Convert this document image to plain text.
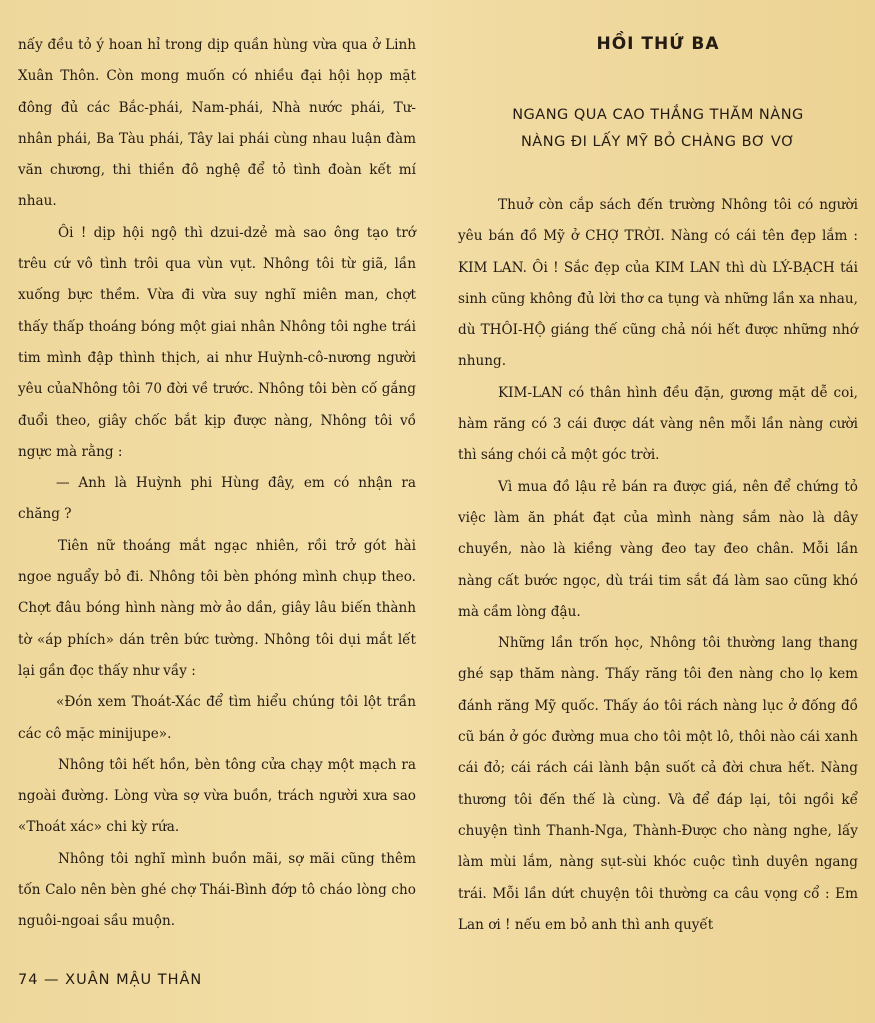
nấy đều tỏ ý hoan hỉ trong dịp quần hùng vừa qua ở Linh Xuân Thôn. Còn mong muốn có nhiều đại hội họp mặt đông đủ các Bắc-phái, Nam-phái, Nhà nước phái, Tư-nhân phái, Ba Tàu phái, Tây lai phái cùng nhau luận đàm văn chương, thi thiền đô nghệ để tỏ tình đoàn kết mí nhau.

Ôi ! dịp hội ngộ thì dzui-dzẻ mà sao ông tạo trớ trêu cứ vô tình trôi qua vùn vụt. Nhông tôi từ giã, lần xuống bực thềm. Vừa đi vừa suy nghĩ miên man, chợt thấy thấp thoáng bóng một giai nhân Nhông tôi nghe trái tim mình đập thình thịch, ai như Huỳnh-cô-nương người yêu củaNhông tôi 70 đời về trước. Nhông tôi bèn cố gắng đuổi theo, giây chốc bắt kịp được nàng, Nhông tôi vồ ngực mà rằng :

— Anh là Huỳnh phi Hùng đây, em có nhận ra chăng ?

Tiên nữ thoáng mắt ngạc nhiên, rồi trở gót hài ngoe nguẩy bỏ đi. Nhông tôi bèn phóng mình chụp theo. Chợt đâu bóng hình nàng mờ ảo dần, giây lâu biến thành tờ «áp phích» dán trên bức tường. Nhông tôi dụi mắt lết lại gần đọc thấy như vầy :

«Đón xem Thoát-Xác để tìm hiểu chúng tôi lột trần các cô mặc minijupe».

Nhông tôi hết hồn, bèn tông cửa chạy một mạch ra ngoài đường. Lòng vừa sợ vừa buồn, trách người xưa sao «Thoát xác» chi kỳ rứa.

Nhông tôi nghĩ mình buồn mãi, sợ mãi cũng thêm tốn Calo nên bèn ghé chợ Thái-Bình đớp tô cháo lòng cho nguôi-ngoai sầu muộn.

HỒI THỨ BA
NGANG QUA CAO THẮNG THĂM NÀNG
NÀNG ĐI LẤY MỸ BỎ CHÀNG BƠ VƠ

Thuở còn cắp sách đến trường Nhông tôi có người yêu bán đồ Mỹ ở CHỢ TRỜI. Nàng có cái tên đẹp lắm : KIM LAN. Ôi ! Sắc đẹp của KIM LAN thì dù LÝ-BẠCH tái sinh cũng không đủ lời thơ ca tụng và những lần xa nhau, dù THÔI-HỘ giáng thế cũng chả nói hết được những nhớ nhung.

KIM-LAN có thân hình đều đặn, gương mặt dễ coi, hàm răng có 3 cái được dát vàng nên mỗi lần nàng cười thì sáng chói cả một góc trời.

Vì mua đồ lậu rẻ bán ra được giá, nên để chứng tỏ việc làm ăn phát đạt của mình nàng sắm nào là dây chuyền, nào là kiềng vàng đeo tay đeo chân. Mỗi lần nàng cất bước ngọc, dù trái tim sắt đá làm sao cũng khó mà cầm lòng đậu.

Những lần trốn học, Nhông tôi thường lang thang ghé sạp thăm nàng. Thấy răng tôi đen nàng cho lọ kem đánh răng Mỹ quốc. Thấy áo tôi rách nàng lục ở đống đồ cũ bán ở góc đường mua cho tôi một lô, thôi nào cái xanh cái đỏ; cái rách cái lành bận suốt cả đời chưa hết. Nàng thương tôi đến thế là cùng. Và để đáp lại, tôi ngồi kể chuyện tình Thanh-Nga, Thành-Được cho nàng nghe, lấy làm mùi lắm, nàng sụt-sùi khóc cuộc tình duyên ngang trái. Mỗi lần dứt chuyện tôi thường ca câu vọng cổ : Em Lan ơi ! nếu em bỏ anh thì anh quyết

74 — XUÂN MẬU THÂN
